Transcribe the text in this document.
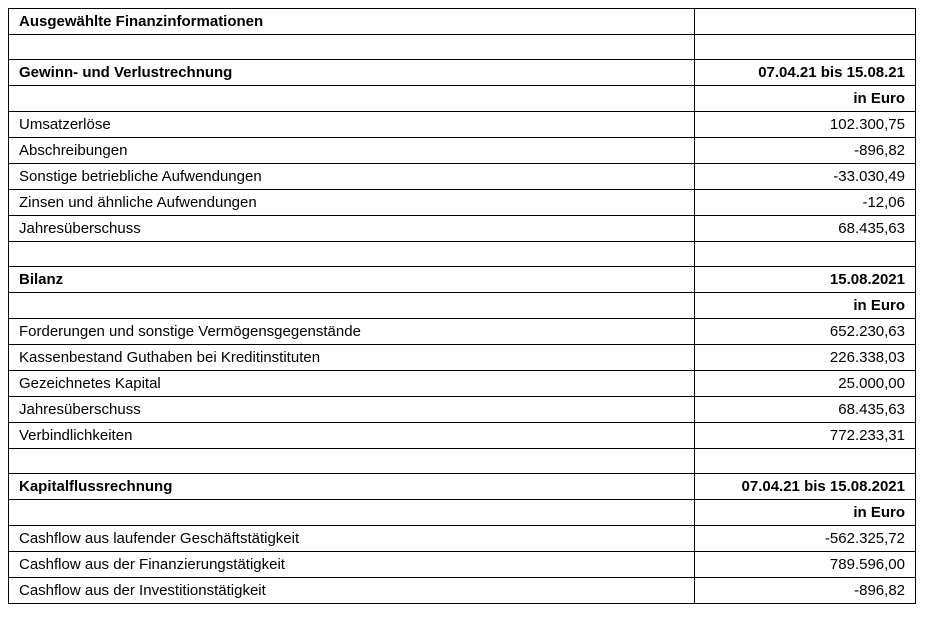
Ausgewählte Finanzinformationen	

Gewinn- und Verlustrechnung	07.04.21 bis 15.08.21
	in Euro
Umsatzerlöse	102.300,75
Abschreibungen	-896,82
Sonstige betriebliche Aufwendungen	-33.030,49
Zinsen und ähnliche Aufwendungen	-12,06
Jahresüberschuss	68.435,63

Bilanz	15.08.2021
	in Euro
Forderungen und sonstige Vermögensgegenstände	652.230,63
Kassenbestand Guthaben bei Kreditinstituten	226.338,03
Gezeichnetes Kapital	25.000,00
Jahresüberschuss	68.435,63
Verbindlichkeiten	772.233,31

Kapitalflussrechnung	07.04.21 bis 15.08.2021
	in Euro
Cashflow aus laufender Geschäftstätigkeit	-562.325,72
Cashflow aus der Finanzierungstätigkeit	789.596,00
Cashflow aus der Investitionstätigkeit	-896,82
